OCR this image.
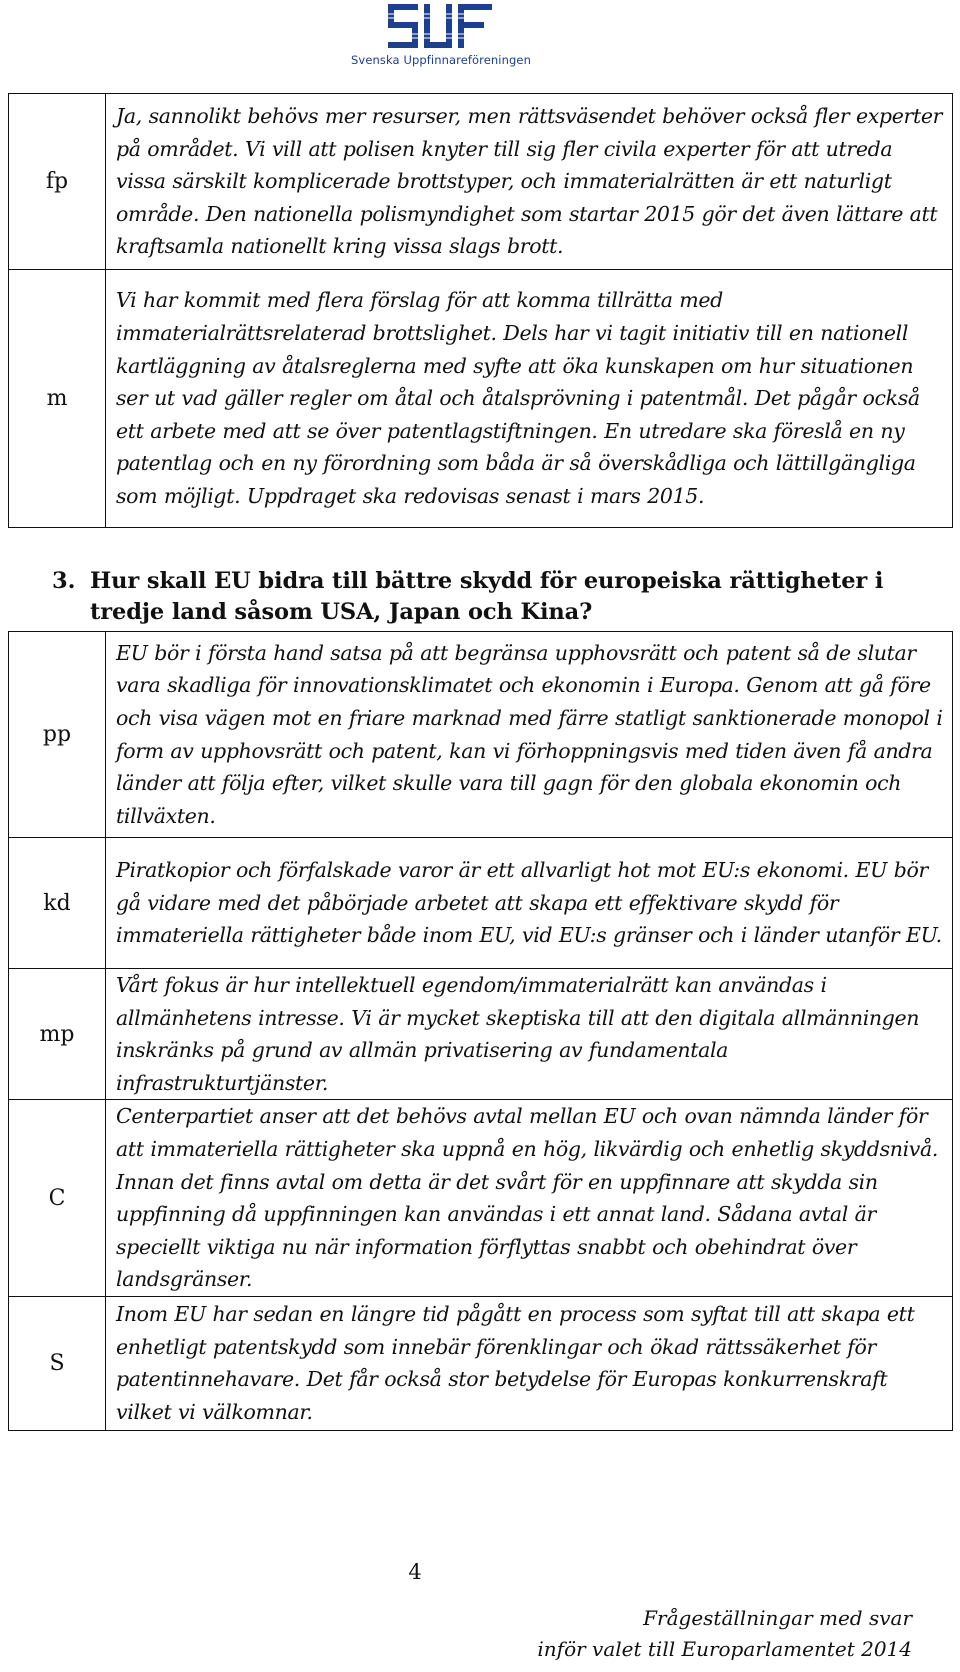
Svenska Uppfinnareföreningen
fp	Ja, sannolikt behövs mer resurser, men rättsväsendet behöver också fler experter på området. Vi vill att polisen knyter till sig fler civila experter för att utreda vissa särskilt komplicerade brottstyper, och immaterialrätten är ett naturligt område. Den nationella polismyndighet som startar 2015 gör det även lättare att kraftsamla nationellt kring vissa slags brott.
m	Vi har kommit med flera förslag för att komma tillrätta med immaterialrättsrelaterad brottslighet. Dels har vi tagit initiativ till en nationell kartläggning av åtalsreglerna med syfte att öka kunskapen om hur situationen ser ut vad gäller regler om åtal och åtalsprövning i patentmål. Det pågår också ett arbete med att se över patentlagstiftningen. En utredare ska föreslå en ny patentlag och en ny förordning som båda är så överskådliga och lättillgängliga som möjligt. Uppdraget ska redovisas senast i mars 2015.
3. Hur skall EU bidra till bättre skydd för europeiska rättigheter i tredje land såsom USA, Japan och Kina?
pp	EU bör i första hand satsa på att begränsa upphovsrätt och patent så de slutar vara skadliga för innovationsklimatet och ekonomin i Europa. Genom att gå före och visa vägen mot en friare marknad med färre statligt sanktionerade monopol i form av upphovsrätt och patent, kan vi förhoppningsvis med tiden även få andra länder att följa efter, vilket skulle vara till gagn för den globala ekonomin och tillväxten.
kd	Piratkopior och förfalskade varor är ett allvarligt hot mot EU:s ekonomi. EU bör gå vidare med det påbörjade arbetet att skapa ett effektivare skydd för immateriella rättigheter både inom EU, vid EU:s gränser och i länder utanför EU.
mp	Vårt fokus är hur intellektuell egendom/immaterialrätt kan användas i allmänhetens intresse. Vi är mycket skeptiska till att den digitala allmänningen inskränks på grund av allmän privatisering av fundamentala infrastrukturtjänster.
C	Centerpartiet anser att det behövs avtal mellan EU och ovan nämnda länder för att immateriella rättigheter ska uppnå en hög, likvärdig och enhetlig skyddsnivå. Innan det finns avtal om detta är det svårt för en uppfinnare att skydda sin uppfinning då uppfinningen kan användas i ett annat land. Sådana avtal är speciellt viktiga nu när information förflyttas snabbt och obehindrat över landsgränser.
S	Inom EU har sedan en längre tid pågått en process som syftat till att skapa ett enhetligt patentskydd som innebär förenklingar och ökad rättssäkerhet för patentinnehavare. Det får också stor betydelse för Europas konkurrenskraft vilket vi välkomnar.
4
Frågeställningar med svar
inför valet till Europarlamentet 2014
